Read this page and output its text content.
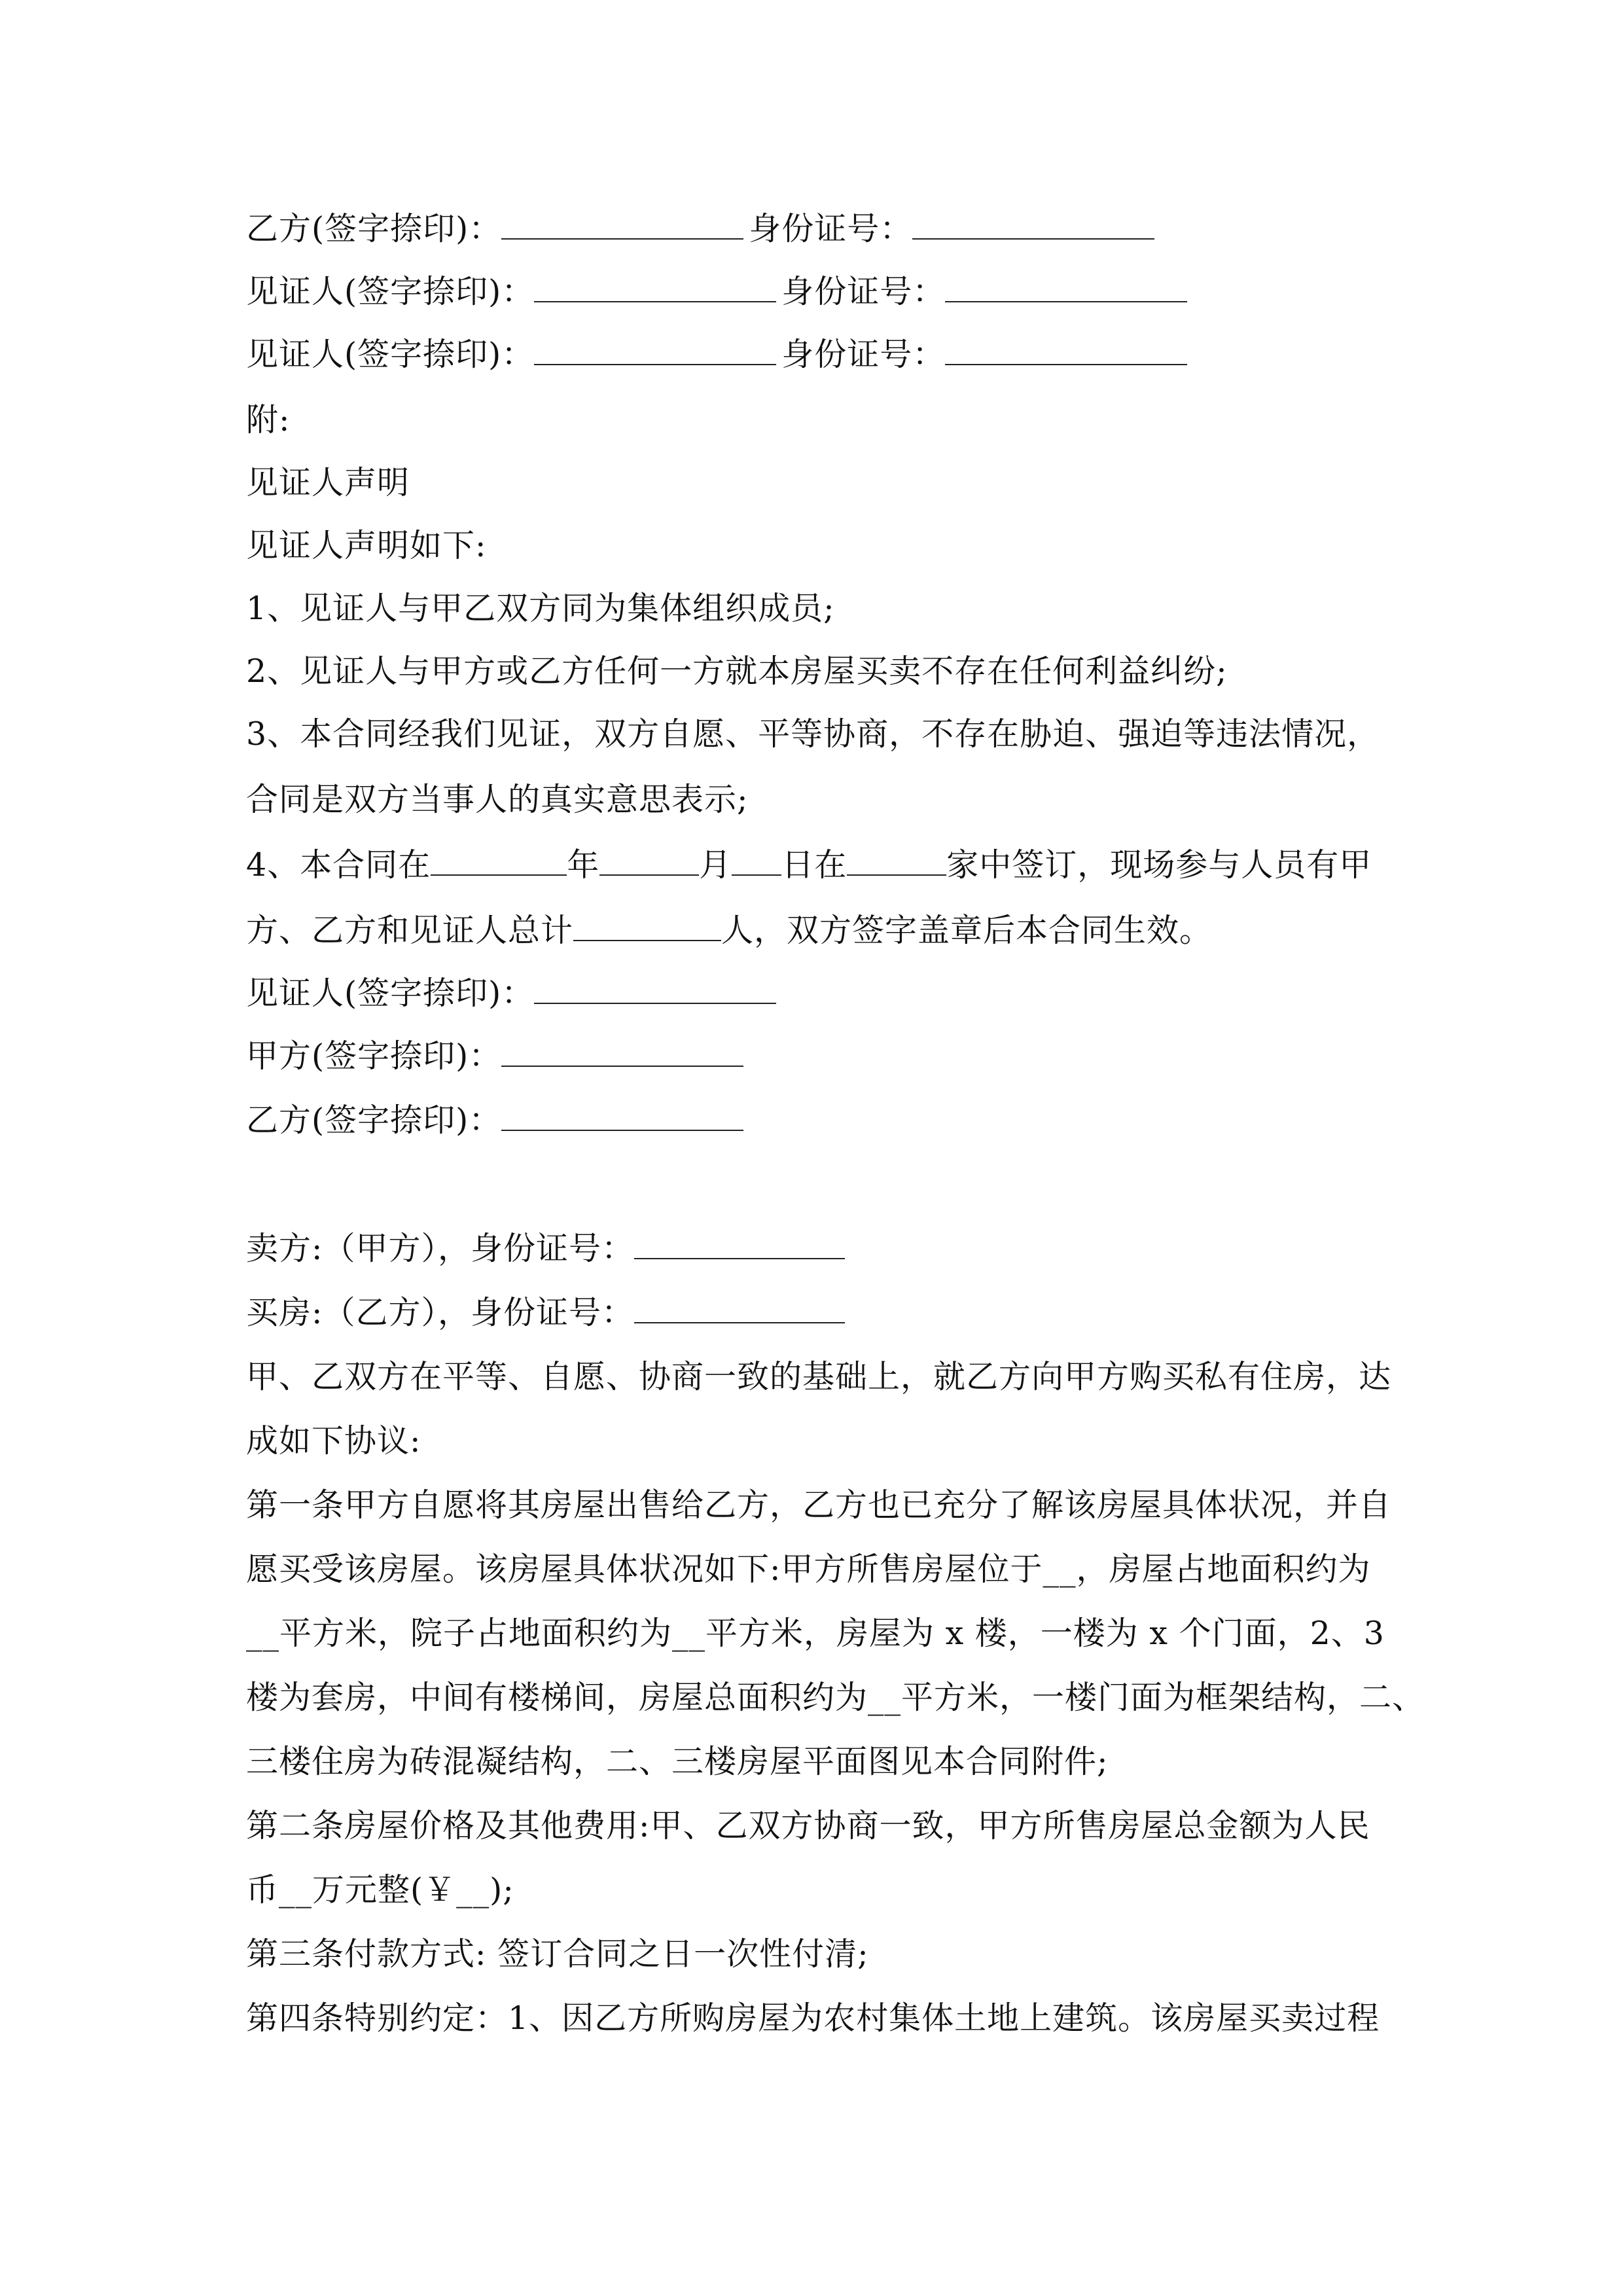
乙方(签字捺印)：	身份证号：
见证人(签字捺印)：	身份证号：
见证人(签字捺印)：	身份证号：
附:
见证人声明
见证人声明如下:
1、见证人与甲乙双方同为集体组织成员;
2、见证人与甲方或乙方任何一方就本房屋买卖不存在任何利益纠纷;
3、本合同经我们见证，双方自愿、平等协商，不存在胁迫、强迫等违法情况，
合同是双方当事人的真实意思表示;
4、本合同在	年	月 日在	家中签订，现场参与人员有甲
方、乙方和见证人总计	人，双方签字盖章后本合同生效。
见证人(签字捺印)：
甲方(签字捺印)：
乙方(签字捺印)：
卖方:（甲方），身份证号：
买房:（乙方），身份证号：
甲、乙双方在平等、自愿、协商一致的基础上，就乙方向甲方购买私有住房，达
成如下协议:
第一条甲方自愿将其房屋出售给乙方，乙方也已充分了解该房屋具体状况，并自
愿买受该房屋。该房屋具体状况如下:甲方所售房屋位于__，房屋占地面积约为
__平方米，院子占地面积约为__平方米，房屋为 x 楼，一楼为 x 个门面，2、3
楼为套房，中间有楼梯间，房屋总面积约为__平方米，一楼门面为框架结构，二、
三楼住房为砖混凝结构，二、三楼房屋平面图见本合同附件;
第二条房屋价格及其他费用:甲、乙双方协商一致，甲方所售房屋总金额为人民
币__万元整(￥__);
第三条付款方式: 签订合同之日一次性付清;
第四条特别约定：1、因乙方所购房屋为农村集体土地上建筑。该房屋买卖过程
